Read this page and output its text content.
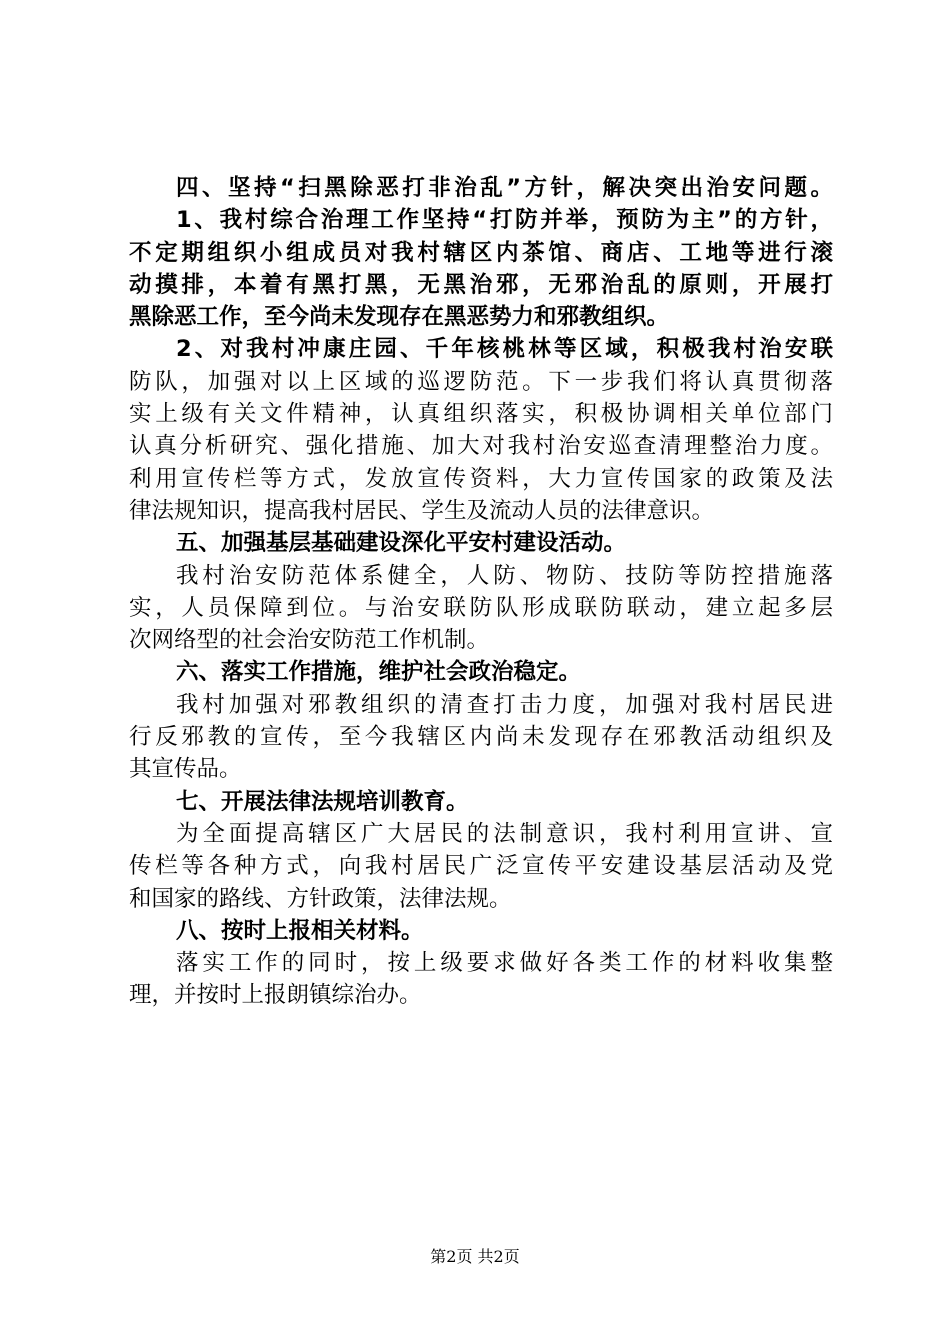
四、坚持“扫黑除恶打非治乱”方针，解决突出治安问题。
1、我村综合治理工作坚持“打防并举，预防为主”的方针，
不定期组织小组成员对我村辖区内茶馆、商店、工地等进行滚
动摸排，本着有黑打黑，无黑治邪，无邪治乱的原则，开展打
黑除恶工作，至今尚未发现存在黑恶势力和邪教组织。
2、对我村冲康庄园、千年核桃林等区域，积极我村治安联
防队，加强对以上区域的巡逻防范。下一步我们将认真贯彻落
实上级有关文件精神，认真组织落实，积极协调相关单位部门
认真分析研究、强化措施、加大对我村治安巡查清理整治力度。
利用宣传栏等方式，发放宣传资料，大力宣传国家的政策及法
律法规知识，提高我村居民、学生及流动人员的法律意识。
五、加强基层基础建设深化平安村建设活动。
我村治安防范体系健全，人防、物防、技防等防控措施落
实，人员保障到位。与治安联防队形成联防联动，建立起多层
次网络型的社会治安防范工作机制。
六、落实工作措施，维护社会政治稳定。
我村加强对邪教组织的清查打击力度，加强对我村居民进
行反邪教的宣传，至今我辖区内尚未发现存在邪教活动组织及
其宣传品。
七、开展法律法规培训教育。
为全面提高辖区广大居民的法制意识，我村利用宣讲、宣
传栏等各种方式，向我村居民广泛宣传平安建设基层活动及党
和国家的路线、方针政策，法律法规。
八、按时上报相关材料。
落实工作的同时，按上级要求做好各类工作的材料收集整
理，并按时上报朗镇综治办。
第2页 共2页
